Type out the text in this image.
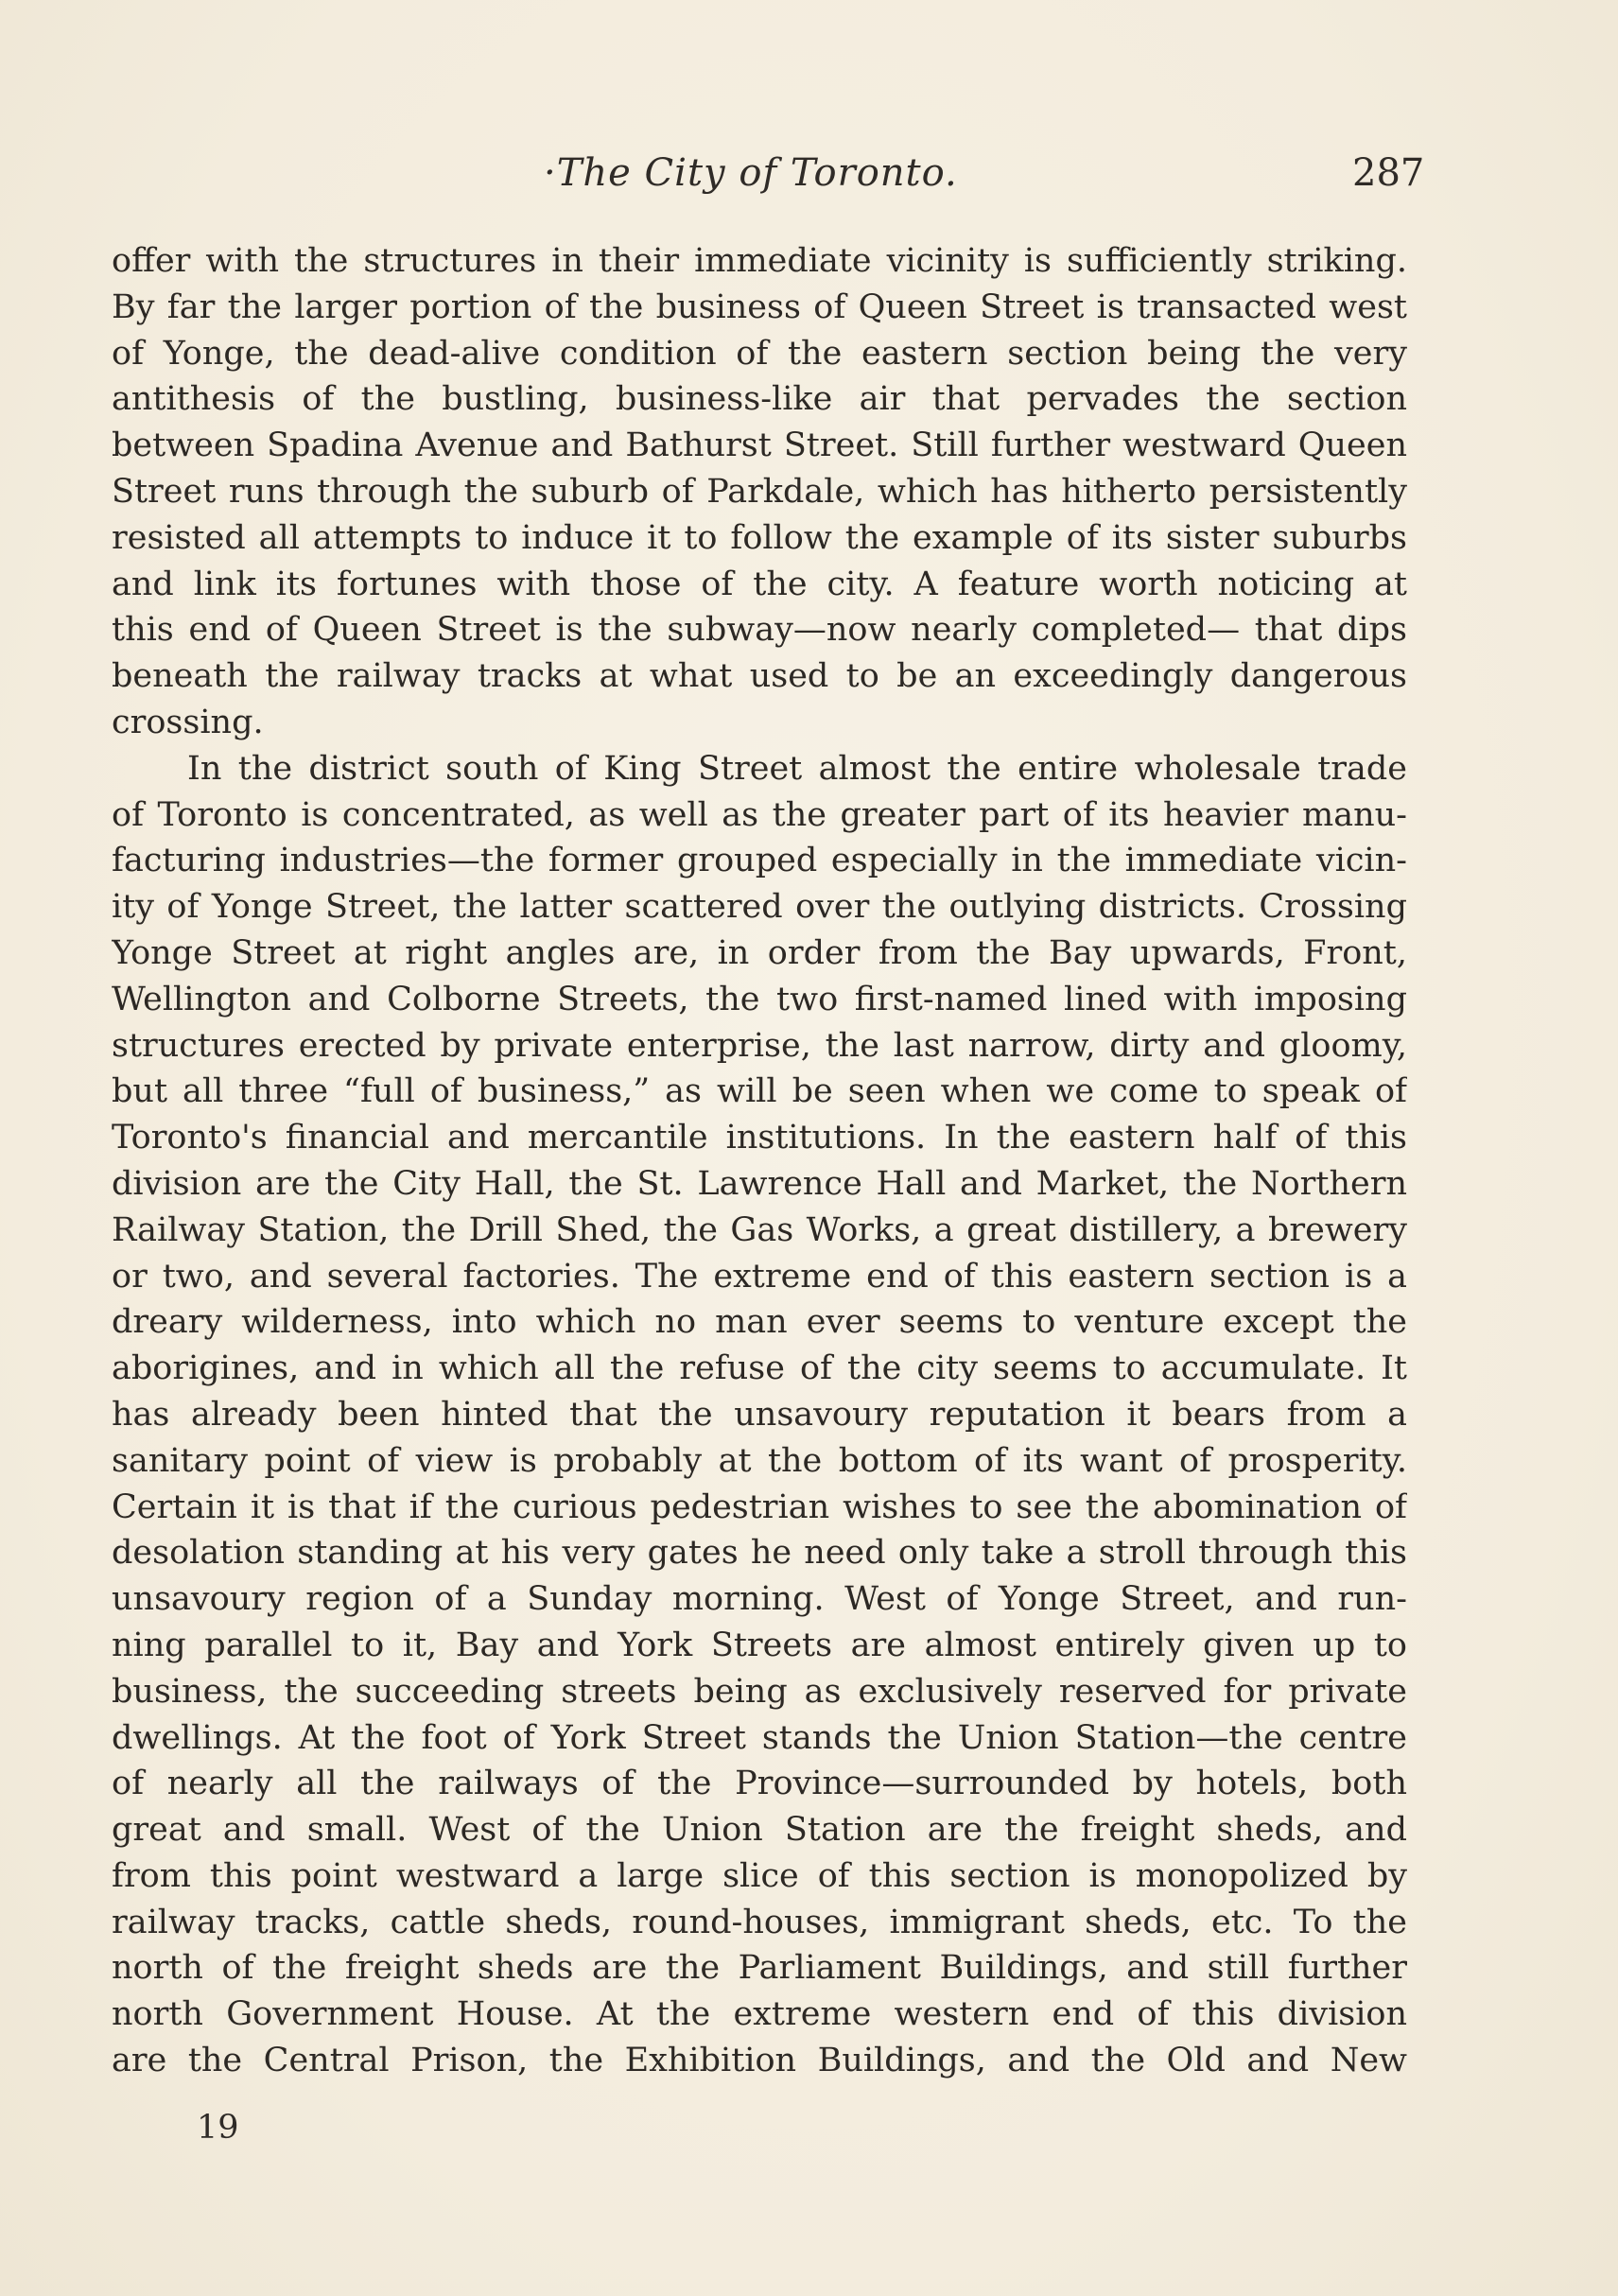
·The City of Toronto.	287
offer with the structures in their immediate vicinity is sufficiently striking.
By far the larger portion of the business of Queen Street is transacted west
of Yonge, the dead-alive condition of the eastern section being the very
antithesis of the bustling, business-like air that pervades the section
between Spadina Avenue and Bathurst Street. Still further westward Queen
Street runs through the suburb of Parkdale, which has hitherto persistently
resisted all attempts to induce it to follow the example of its sister suburbs
and link its fortunes with those of the city. A feature worth noticing at
this end of Queen Street is the subway—now nearly completed— that dips
beneath the railway tracks at what used to be an exceedingly dangerous
crossing.
In the district south of King Street almost the entire wholesale trade
of Toronto is concentrated, as well as the greater part of its heavier manu-
facturing industries—the former grouped especially in the immediate vicin-
ity of Yonge Street, the latter scattered over the outlying districts. Crossing
Yonge Street at right angles are, in order from the Bay upwards, Front,
Wellington and Colborne Streets, the two first-named lined with imposing
structures erected by private enterprise, the last narrow, dirty and gloomy,
but all three “full of business,” as will be seen when we come to speak of
Toronto's financial and mercantile institutions. In the eastern half of this
division are the City Hall, the St. Lawrence Hall and Market, the Northern
Railway Station, the Drill Shed, the Gas Works, a great distillery, a brewery
or two, and several factories. The extreme end of this eastern section is a
dreary wilderness, into which no man ever seems to venture except the
aborigines, and in which all the refuse of the city seems to accumulate. It
has already been hinted that the unsavoury reputation it bears from a
sanitary point of view is probably at the bottom of its want of prosperity.
Certain it is that if the curious pedestrian wishes to see the abomination of
desolation standing at his very gates he need only take a stroll through this
unsavoury region of a Sunday morning. West of Yonge Street, and run-
ning parallel to it, Bay and York Streets are almost entirely given up to
business, the succeeding streets being as exclusively reserved for private
dwellings. At the foot of York Street stands the Union Station—the centre
of nearly all the railways of the Province—surrounded by hotels, both
great and small. West of the Union Station are the freight sheds, and
from this point westward a large slice of this section is monopolized by
railway tracks, cattle sheds, round-houses, immigrant sheds, etc. To the
north of the freight sheds are the Parliament Buildings, and still further
north Government House. At the extreme western end of this division
are the Central Prison, the Exhibition Buildings, and the Old and New
19
